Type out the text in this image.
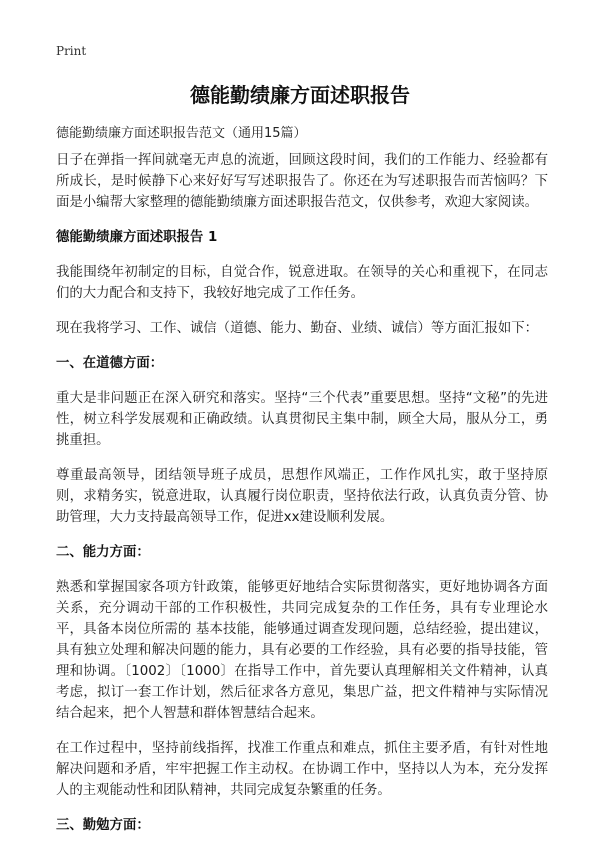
Print
德能勤绩廉方面述职报告
德能勤绩廉方面述职报告范文（通用15篇）

日子在弹指一挥间就毫无声息的流逝，回顾这段时间，我们的工作能力、经验都有所成长，是时候静下心来好好写写述职报告了。你还在为写述职报告而苦恼吗？下面是小编帮大家整理的德能勤绩廉方面述职报告范文，仅供参考，欢迎大家阅读。

德能勤绩廉方面述职报告 1

我能围绕年初制定的目标，自觉合作，锐意进取。在领导的关心和重视下，在同志们的大力配合和支持下，我较好地完成了工作任务。

现在我将学习、工作、诚信（道德、能力、勤奋、业绩、诚信）等方面汇报如下：

一、在道德方面：

重大是非问题正在深入研究和落实。坚持“三个代表”重要思想。坚持“文秘”的先进性，树立科学发展观和正确政绩。认真贯彻民主集中制，顾全大局，服从分工，勇挑重担。

尊重最高领导，团结领导班子成员，思想作风端正，工作作风扎实，敢于坚持原则，求精务实，锐意进取，认真履行岗位职责，坚持依法行政，认真负责分管、协助管理，大力支持最高领导工作，促进xx建设顺利发展。

二、能力方面：

熟悉和掌握国家各项方针政策，能够更好地结合实际贯彻落实，更好地协调各方面关系，充分调动干部的工作积极性，共同完成复杂的工作任务，具有专业理论水平，具备本岗位所需的 基本技能，能够通过调查发现问题，总结经验，提出建议，具有独立处理和解决问题的能力，具有必要的工作经验，具有必要的指导技能，管理和协调。〔1002〕〔1000〕在指导工作中，首先要认真理解相关文件精神，认真考虑，拟订一套工作计划，然后征求各方意见，集思广益，把文件精神与实际情况结合起来，把个人智慧和群体智慧结合起来。

在工作过程中，坚持前线指挥，找准工作重点和难点，抓住主要矛盾，有针对性地解决问题和矛盾，牢牢把握工作主动权。在协调工作中，坚持以人为本，充分发挥人的主观能动性和团队精神，共同完成复杂繁重的任务。

三、勤勉方面：
